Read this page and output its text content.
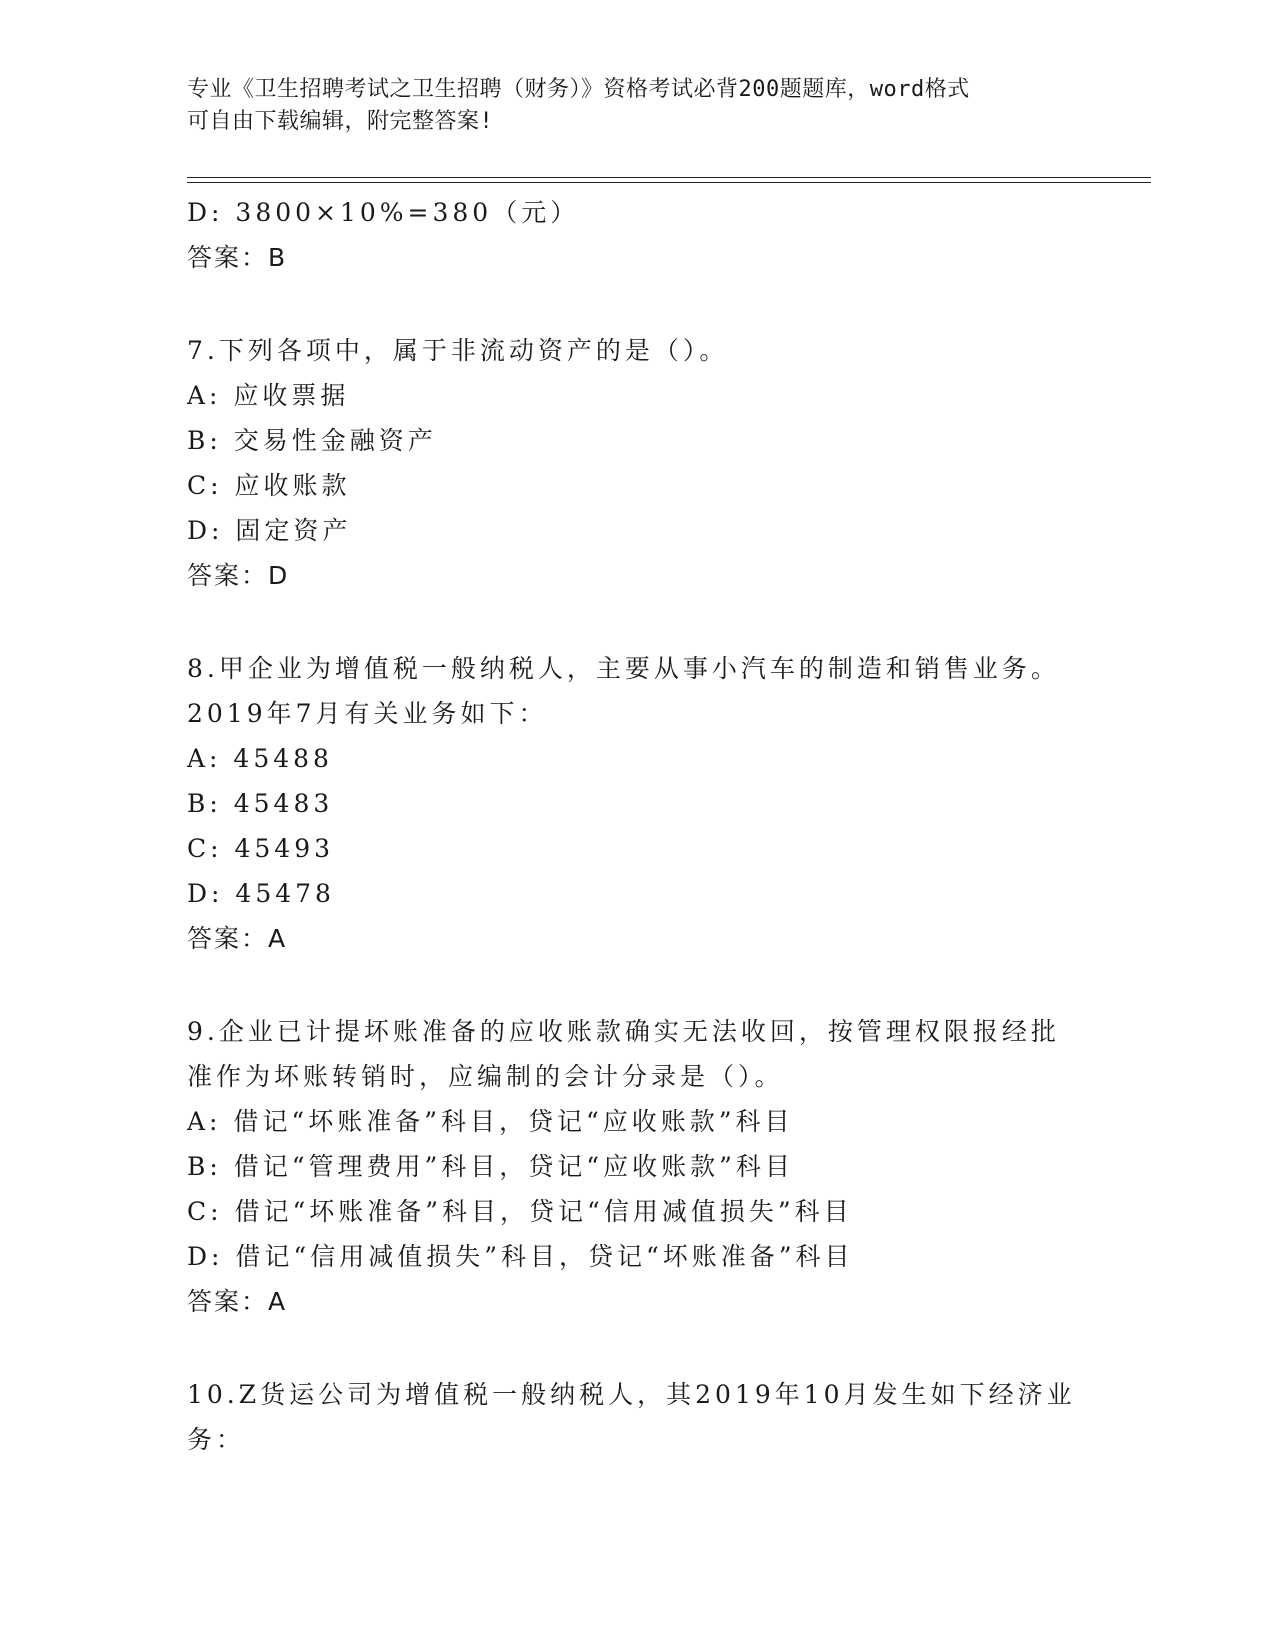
专业《卫生招聘考试之卫生招聘（财务）》资格考试必背200题题库，word格式

可自由下载编辑，附完整答案!

D: 3800×10%=380（元）
答案：B
7.下列各项中，属于非流动资产的是（）。
A: 应收票据
B: 交易性金融资产
C: 应收账款
D: 固定资产
答案：D
8.甲企业为增值税一般纳税人，主要从事小汽车的制造和销售业务。
2019年7月有关业务如下：
A: 45488
B: 45483
C: 45493
D: 45478
答案：A
9.企业已计提坏账准备的应收账款确实无法收回，按管理权限报经批
准作为坏账转销时，应编制的会计分录是（）。
A: 借记“坏账准备”科目，贷记“应收账款”科目
B: 借记“管理费用”科目，贷记“应收账款”科目
C: 借记“坏账准备”科目，贷记“信用减值损失”科目
D: 借记“信用减值损失”科目，贷记“坏账准备”科目
答案：A
10.Z货运公司为增值税一般纳税人，其2019年10月发生如下经济业
务：
